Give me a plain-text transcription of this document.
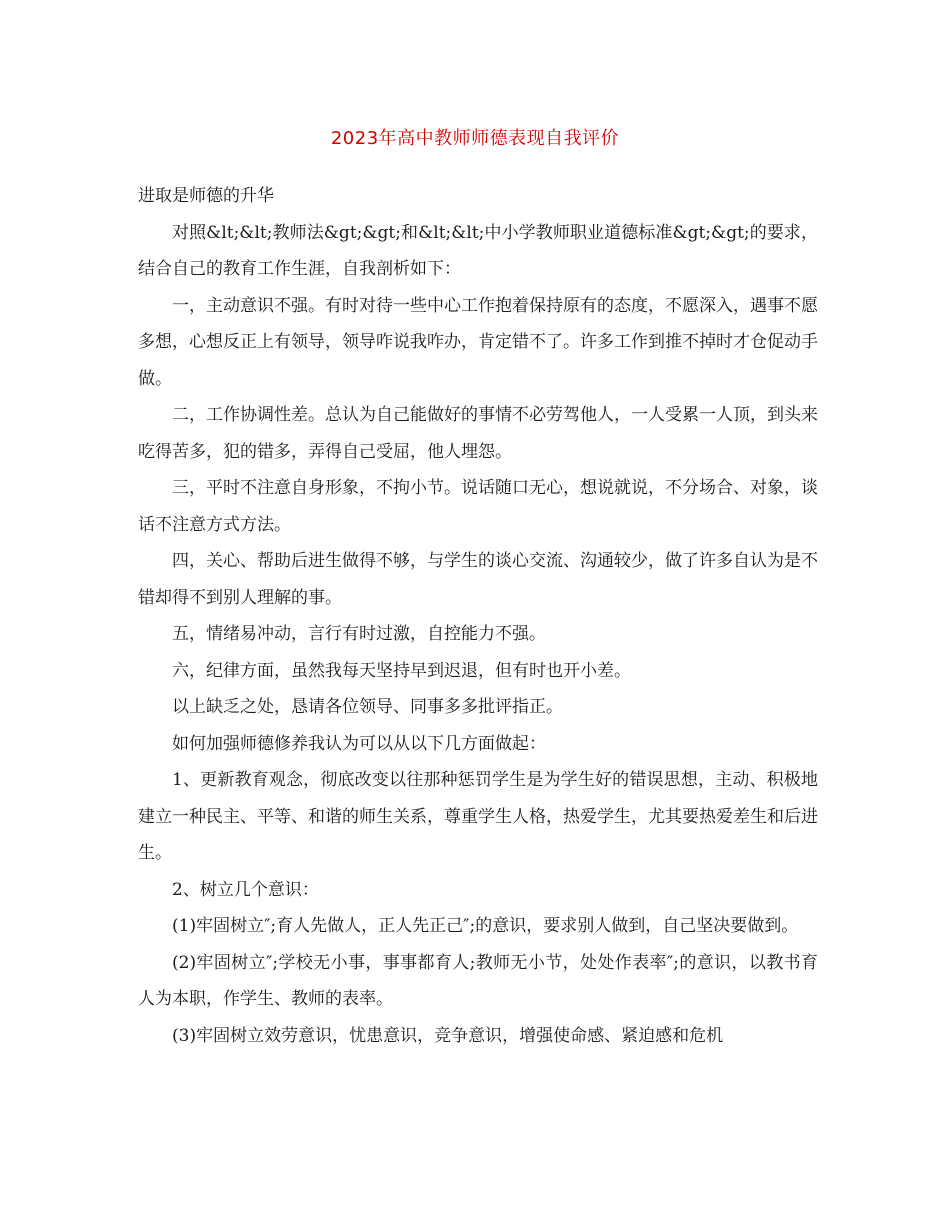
2023年高中教师师德表现自我评价

进取是师德的升华

对照&lt;&lt;教师法&gt;&gt;和&lt;&lt;中小学教师职业道德标准&gt;&gt;的要求，结合自己的教育工作生涯，自我剖析如下：

一，主动意识不强。有时对待一些中心工作抱着保持原有的态度，不愿深入，遇事不愿多想，心想反正上有领导，领导咋说我咋办，肯定错不了。许多工作到推不掉时才仓促动手做。

二，工作协调性差。总认为自己能做好的事情不必劳驾他人，一人受累一人顶，到头来吃得苦多，犯的错多，弄得自己受屈，他人埋怨。

三，平时不注意自身形象，不拘小节。说话随口无心，想说就说，不分场合、对象，谈话不注意方式方法。

四，关心、帮助后进生做得不够，与学生的谈心交流、沟通较少，做了许多自认为是不错却得不到别人理解的事。

五，情绪易冲动，言行有时过激，自控能力不强。

六，纪律方面，虽然我每天坚持早到迟退，但有时也开小差。

以上缺乏之处，恳请各位领导、同事多多批评指正。

如何加强师德修养我认为可以从以下几方面做起：

1、更新教育观念，彻底改变以往那种惩罚学生是为学生好的错误思想，主动、积极地建立一种民主、平等、和谐的师生关系，尊重学生人格，热爱学生，尤其要热爱差生和后进生。

2、树立几个意识：

(1)牢固树立″;育人先做人，正人先正己″;的意识，要求别人做到，自己坚决要做到。

(2)牢固树立″;学校无小事，事事都育人;教师无小节，处处作表率″;的意识，以教书育人为本职，作学生、教师的表率。

(3)牢固树立效劳意识，忧患意识，竞争意识，增强使命感、紧迫感和危机
